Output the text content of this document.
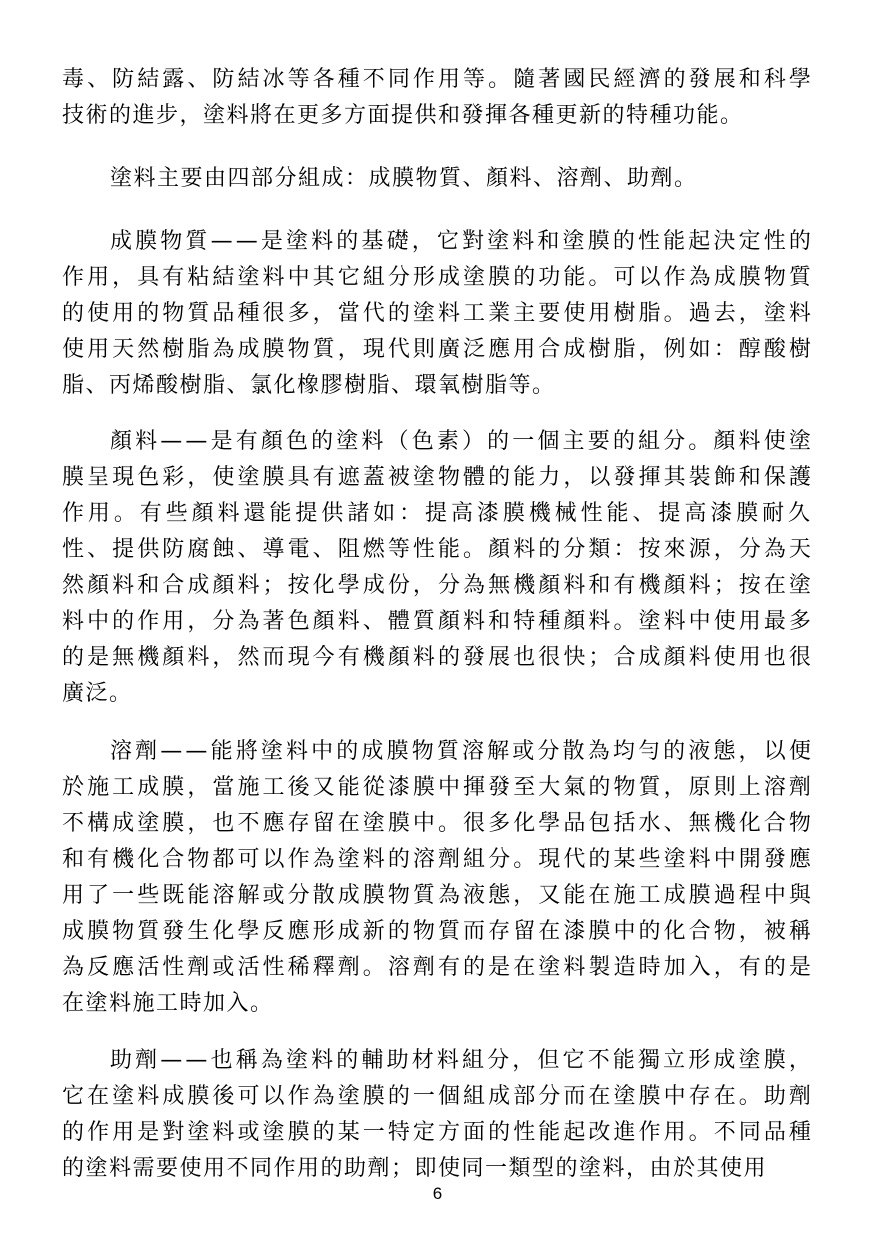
毒、防結露、防結冰等各種不同作用等。隨著國民經濟的發展和科學
技術的進步，塗料將在更多方面提供和發揮各種更新的特種功能。
塗料主要由四部分組成：成膜物質、顏料、溶劑、助劑。
成膜物質——是塗料的基礎，它對塗料和塗膜的性能起決定性的
作用，具有粘結塗料中其它組分形成塗膜的功能。可以作為成膜物質
的使用的物質品種很多，當代的塗料工業主要使用樹脂。過去，塗料
使用天然樹脂為成膜物質，現代則廣泛應用合成樹脂，例如：醇酸樹
脂、丙烯酸樹脂、氯化橡膠樹脂、環氧樹脂等。
顏料——是有顏色的塗料（色素）的一個主要的組分。顏料使塗
膜呈現色彩，使塗膜具有遮蓋被塗物體的能力，以發揮其裝飾和保護
作用。有些顏料還能提供諸如：提高漆膜機械性能、提高漆膜耐久
性、提供防腐蝕、導電、阻燃等性能。顏料的分類：按來源，分為天
然顏料和合成顏料；按化學成份，分為無機顏料和有機顏料；按在塗
料中的作用，分為著色顏料、體質顏料和特種顏料。塗料中使用最多
的是無機顏料，然而現今有機顏料的發展也很快；合成顏料使用也很
廣泛。
溶劑——能將塗料中的成膜物質溶解或分散為均勻的液態，以便
於施工成膜，當施工後又能從漆膜中揮發至大氣的物質，原則上溶劑
不構成塗膜，也不應存留在塗膜中。很多化學品包括水、無機化合物
和有機化合物都可以作為塗料的溶劑組分。現代的某些塗料中開發應
用了一些既能溶解或分散成膜物質為液態，又能在施工成膜過程中與
成膜物質發生化學反應形成新的物質而存留在漆膜中的化合物，被稱
為反應活性劑或活性稀釋劑。溶劑有的是在塗料製造時加入，有的是
在塗料施工時加入。
助劑——也稱為塗料的輔助材料組分，但它不能獨立形成塗膜，
它在塗料成膜後可以作為塗膜的一個組成部分而在塗膜中存在。助劑
的作用是對塗料或塗膜的某一特定方面的性能起改進作用。不同品種
的塗料需要使用不同作用的助劑；即使同一類型的塗料，由於其使用
6
